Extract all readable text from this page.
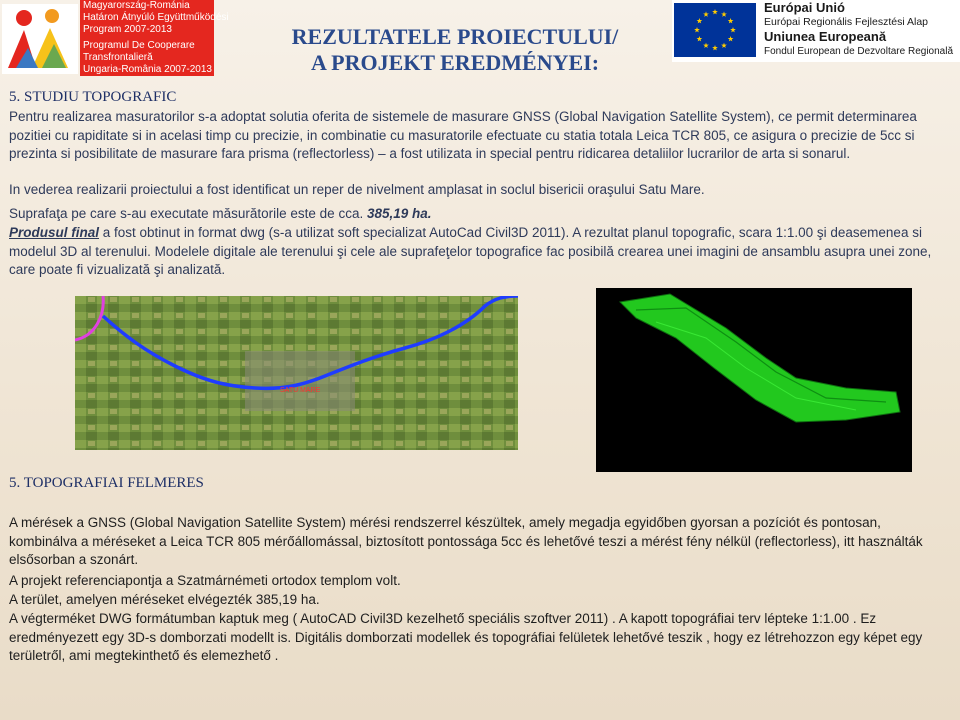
Magyarország-Románia
Határon Átnyúló Együttműködési
Program 2007-2013
Programul De Cooperare
Transfrontalieră
Ungaria-România 2007-2013
REZULTATELE PROIECTULUI/
A PROJEKT EREDMÉNYEI:
Európai Unió
Európai Regionális Fejlesztési Alap
Uniunea Europeană
Fondul European de Dezvoltare Regională
5. STUDIU TOPOGRAFIC
Pentru realizarea masuratorilor s-a adoptat solutia oferita de sistemele de masurare GNSS (Global Navigation Satellite System), ce permit determinarea pozitiei cu rapiditate si in acelasi timp cu precizie, in combinatie cu masuratorile efectuate cu statia totala Leica TCR 805, ce asigura o precizie de 5cc si prezinta si posibilitate de masurare fara prisma (reflectorless) – a fost utilizata in special pentru ridicarea detaliilor lucrarilor de arta si sonarul.
In vederea realizarii proiectului a fost identificat un reper de nivelment amplasat in soclul bisericii oraşului Satu Mare.
Suprafaţa pe care s-au executate măsurătorile este de cca. 385,19 ha.
Produsul final a fost obtinut in format dwg (s-a utilizat soft specializat AutoCad Civil3D 2011). A rezultat planul topografic, scara 1:1.00 şi deasemenea si modelul 3D al terenului. Modelele digitale ale terenului şi cele ale suprafeţelor topografice fac posibilă crearea unei imagini de ansamblu asupra unei zone, care poate fi vizualizată şi analizată.
SATU MARE
5. TOPOGRAFIAI FELMERES
A mérések a GNSS (Global Navigation Satellite System) mérési rendszerrel készültek, amely megadja egyidőben gyorsan a pozíciót és pontosan, kombinálva a méréseket a Leica TCR 805 mérőállomással, biztosított pontossága 5cc és lehetővé teszi a mérést fény nélkül (reflectorless), itt használták elsősorban a szonárt.
A projekt referenciapontja a Szatmárnémeti ortodox templom volt.
A terület, amelyen méréseket elvégezték 385,19 ha.
A végterméket DWG formátumban kaptuk meg ( AutoCAD Civil3D kezelhető speciális szoftver 2011) . A kapott topográfiai terv lépteke 1:1.00 . Ez eredményezett egy 3D-s domborzati modellt is. Digitális domborzati modellek és topográfiai felületek lehetővé teszik , hogy ez létrehozzon egy képet egy területről, ami megtekinthető és elemezhető .
